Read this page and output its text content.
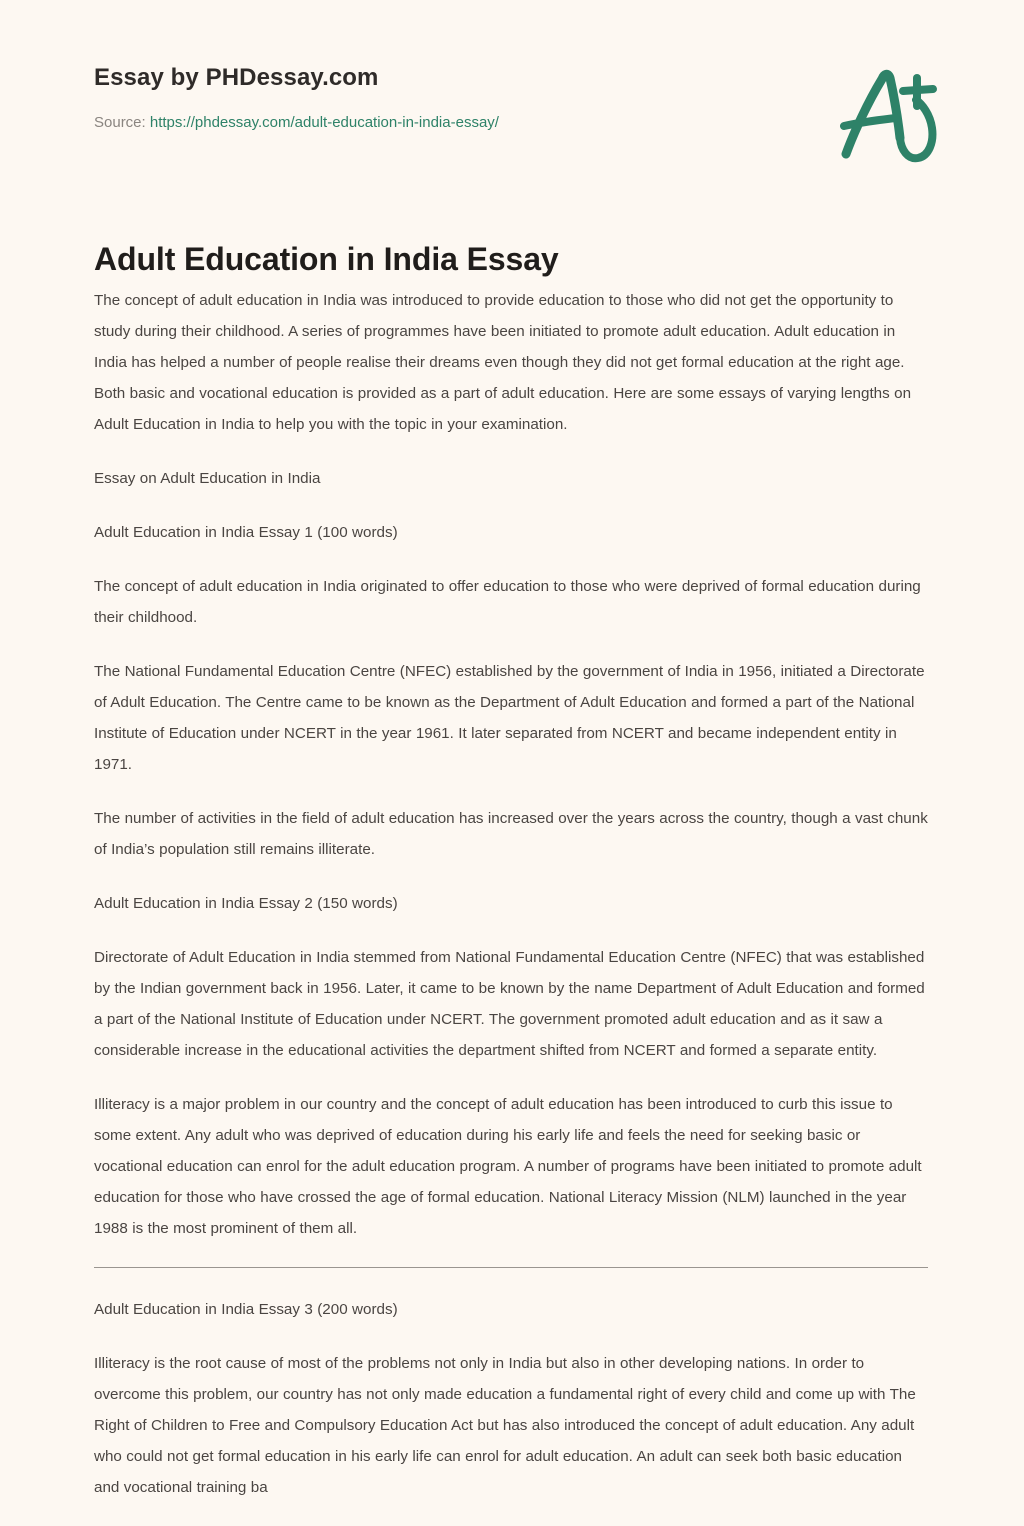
Essay by PHDessay.com
Source: https://phdessay.com/adult-education-in-india-essay/
Adult Education in India Essay

The concept of adult education in India was introduced to provide education to those who did not get the opportunity to study during their childhood. A series of programmes have been initiated to promote adult education. Adult education in India has helped a number of people realise their dreams even though they did not get formal education at the right age. Both basic and vocational education is provided as a part of adult education. Here are some essays of varying lengths on Adult Education in India to help you with the topic in your examination.

Essay on Adult Education in India

Adult Education in India Essay 1 (100 words)

The concept of adult education in India originated to offer education to those who were deprived of formal education during their childhood.

The National Fundamental Education Centre (NFEC) established by the government of India in 1956, initiated a Directorate of Adult Education. The Centre came to be known as the Department of Adult Education and formed a part of the National Institute of Education under NCERT in the year 1961. It later separated from NCERT and became independent entity in 1971.

The number of activities in the field of adult education has increased over the years across the country, though a vast chunk of India’s population still remains illiterate.

Adult Education in India Essay 2 (150 words)

Directorate of Adult Education in India stemmed from National Fundamental Education Centre (NFEC) that was established by the Indian government back in 1956. Later, it came to be known by the name Department of Adult Education and formed a part of the National Institute of Education under NCERT. The government promoted adult education and as it saw a considerable increase in the educational activities the department shifted from NCERT and formed a separate entity.

Illiteracy is a major problem in our country and the concept of adult education has been introduced to curb this issue to some extent. Any adult who was deprived of education during his early life and feels the need for seeking basic or vocational education can enrol for the adult education program. A number of programs have been initiated to promote adult education for those who have crossed the age of formal education. National Literacy Mission (NLM) launched in the year 1988 is the most prominent of them all.

Adult Education in India Essay 3 (200 words)

Illiteracy is the root cause of most of the problems not only in India but also in other developing nations. In order to overcome this problem, our country has not only made education a fundamental right of every child and come up with The Right of Children to Free and Compulsory Education Act but has also introduced the concept of adult education. Any adult who could not get formal education in his early life can enrol for adult education. An adult can seek both basic education and vocational training ba
